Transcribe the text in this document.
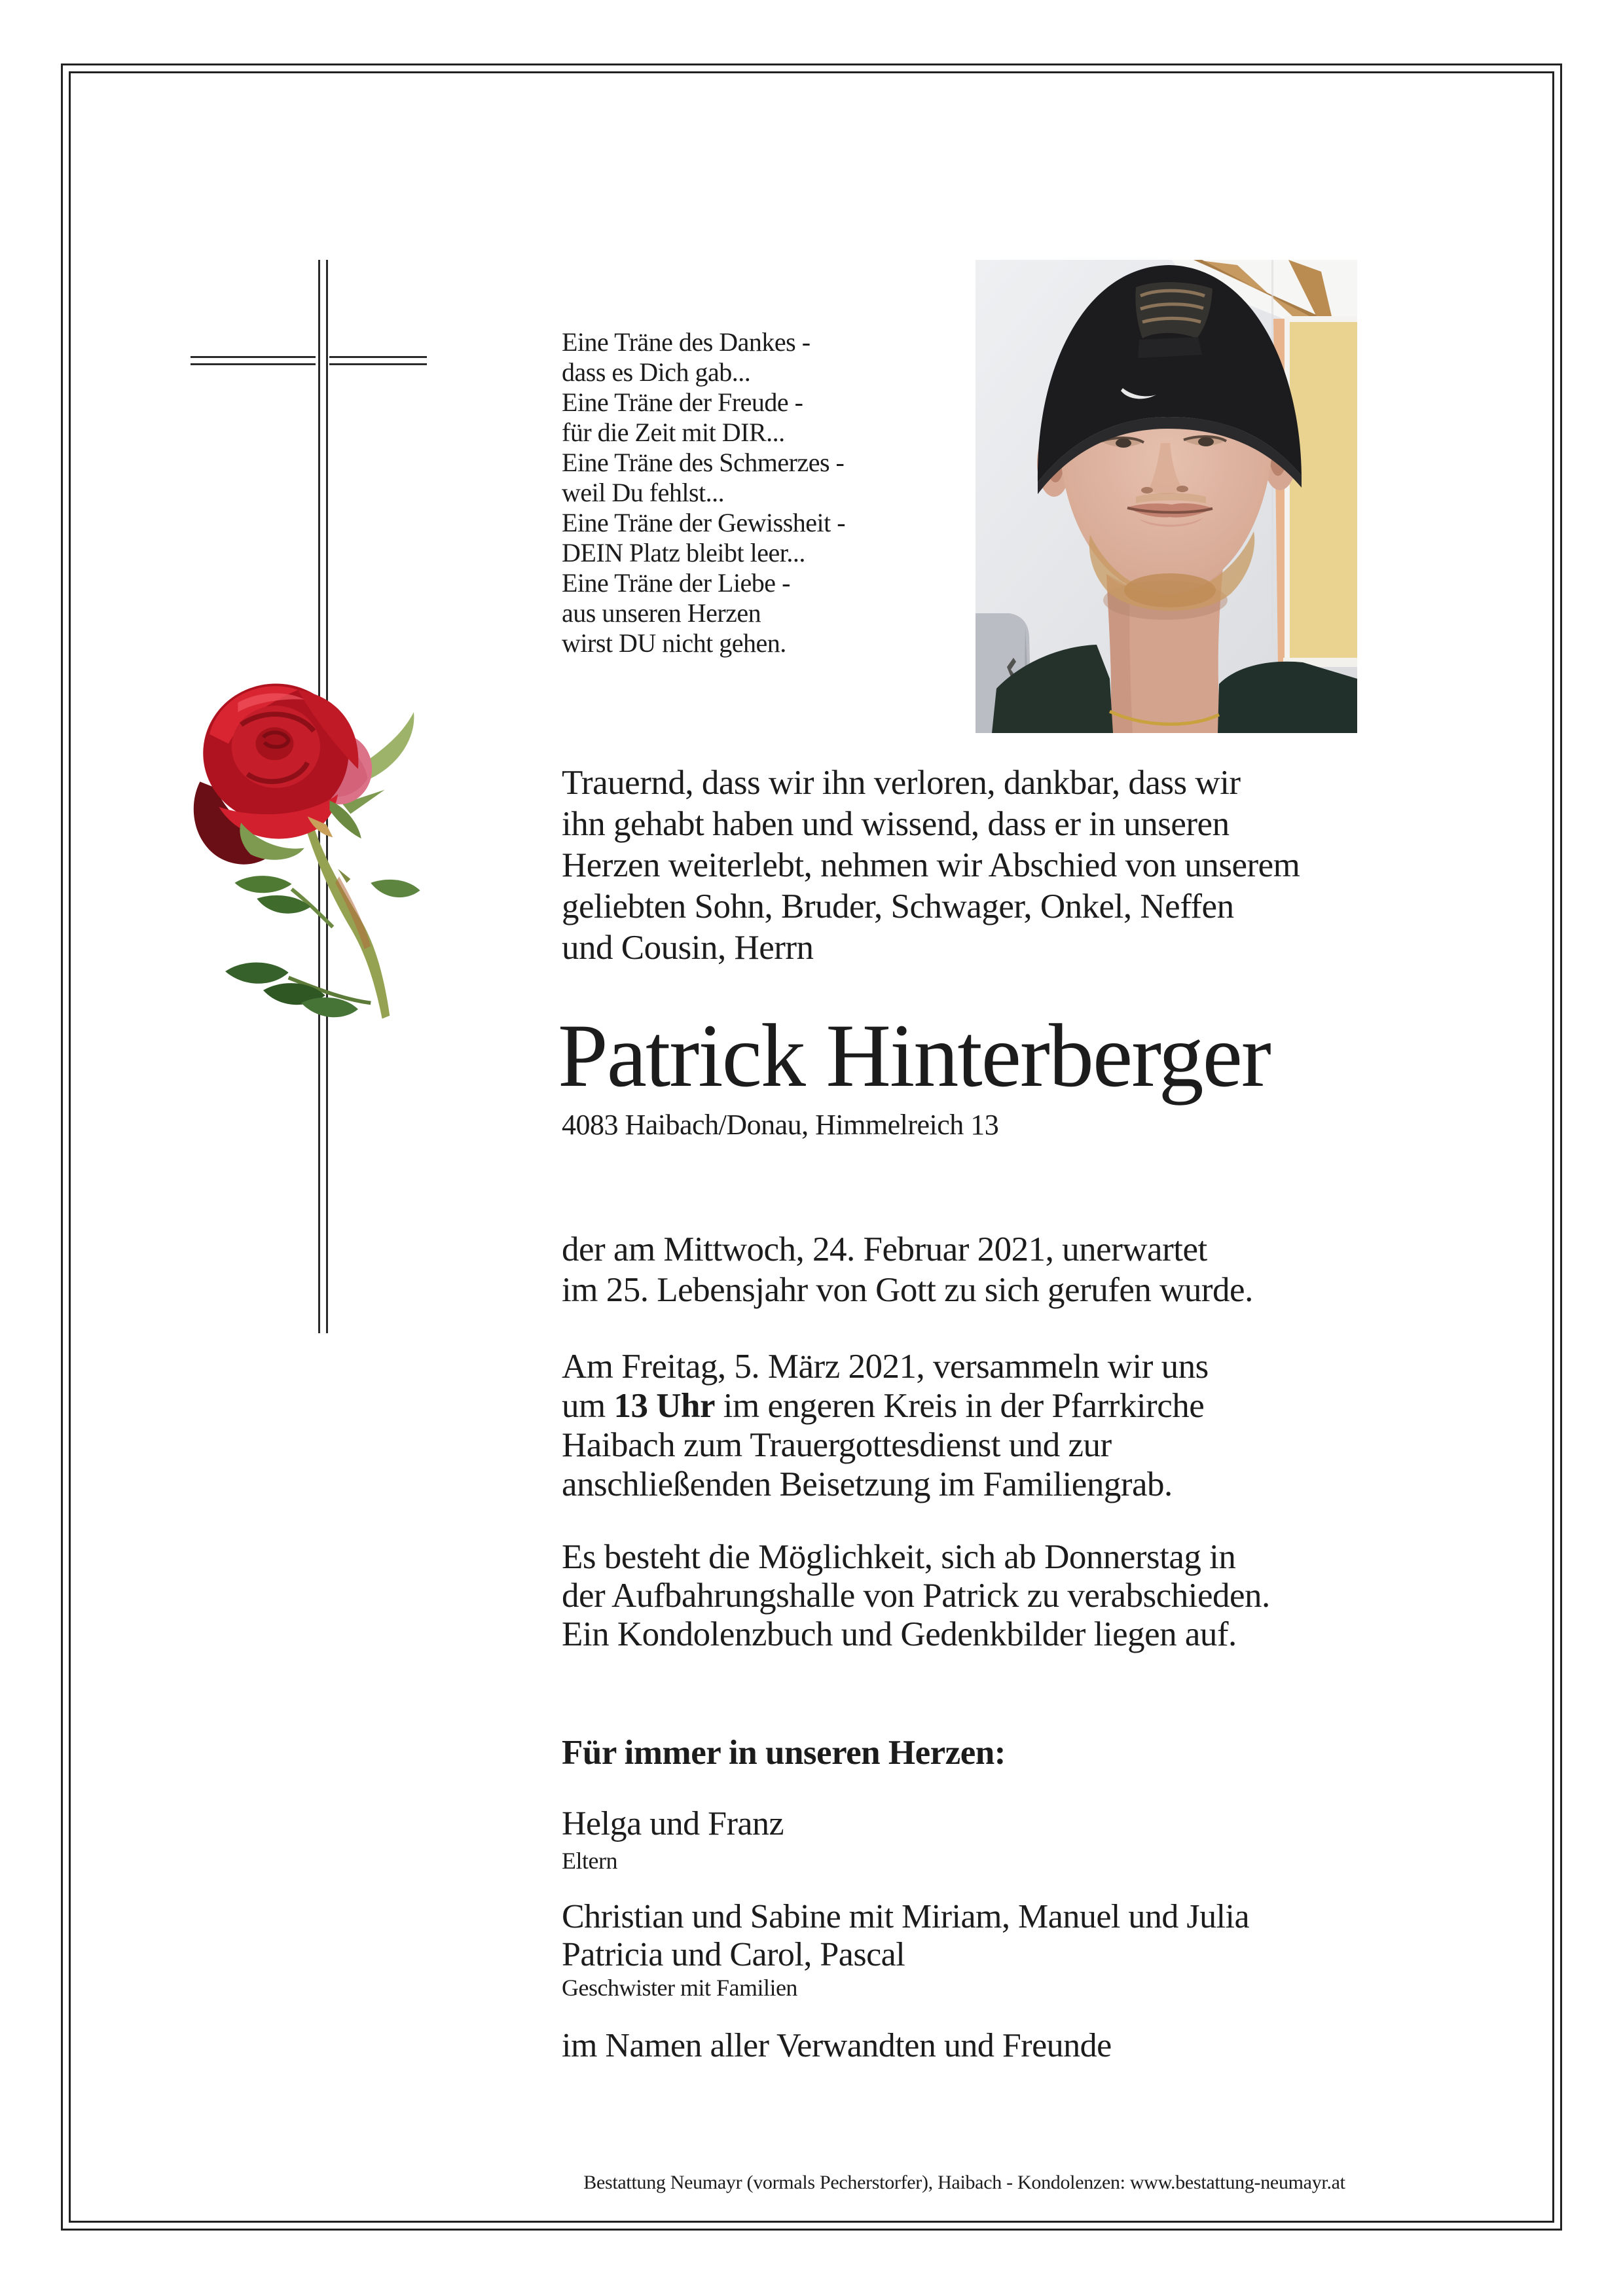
Eine Träne des Dankes -
dass es Dich gab...
Eine Träne der Freude -
für die Zeit mit DIR...
Eine Träne des Schmerzes -
weil Du fehlst...
Eine Träne der Gewissheit -
DEIN Platz bleibt leer...
Eine Träne der Liebe -
aus unseren Herzen
wirst DU nicht gehen.
Trauernd, dass wir ihn verloren, dankbar, dass wir
ihn gehabt haben und wissend, dass er in unseren
Herzen weiterlebt, nehmen wir Abschied von unserem
geliebten Sohn, Bruder, Schwager, Onkel, Neffen
und Cousin, Herrn
Patrick Hinterberger
4083 Haibach/Donau, Himmelreich 13
der am Mittwoch, 24. Februar 2021, unerwartet
im 25. Lebensjahr von Gott zu sich gerufen wurde.
Am Freitag, 5. März 2021, versammeln wir uns
um 13 Uhr im engeren Kreis in der Pfarrkirche
Haibach zum Trauergottesdienst und zur
anschließenden Beisetzung im Familiengrab.
Es besteht die Möglichkeit, sich ab Donnerstag in
der Aufbahrungshalle von Patrick zu verabschieden.
Ein Kondolenzbuch und Gedenkbilder liegen auf.
Für immer in unseren Herzen:
Helga und Franz
Eltern
Christian und Sabine mit Miriam, Manuel und Julia
Patricia und Carol, Pascal
Geschwister mit Familien
im Namen aller Verwandten und Freunde
Bestattung Neumayr (vormals Pecherstorfer), Haibach - Kondolenzen: www.bestattung-neumayr.at
